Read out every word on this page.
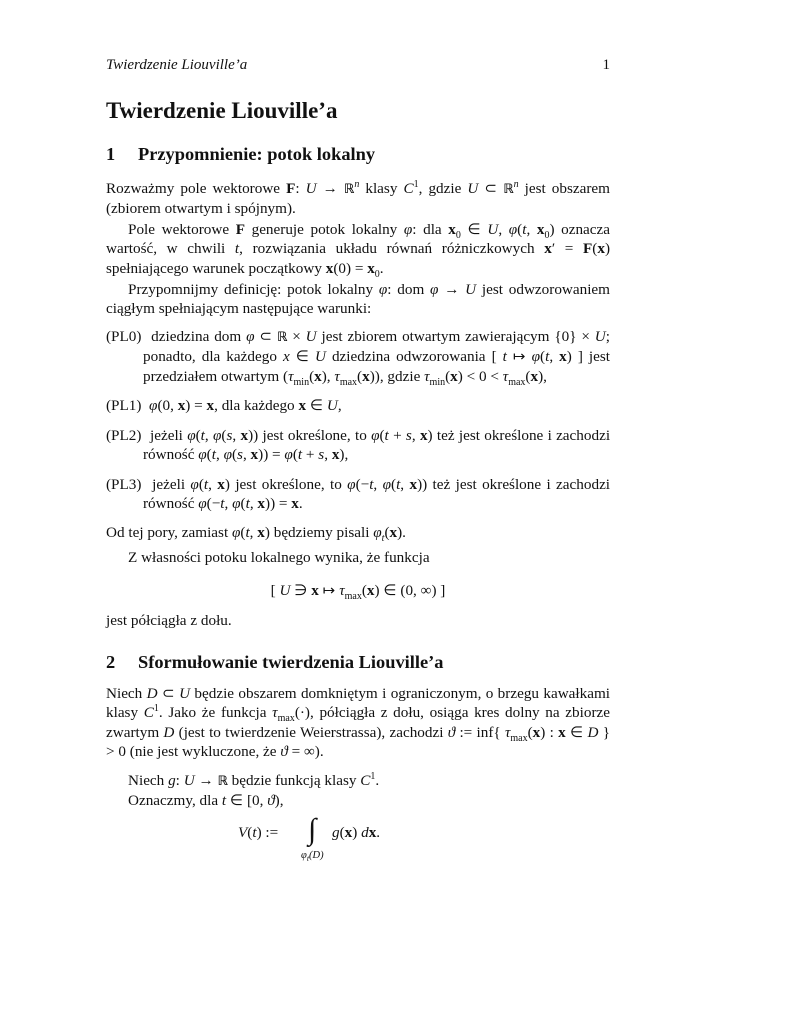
Twierdzenie Liouville’a	1
Twierdzenie Liouville’a
1 Przypomnienie: potok lokalny
Rozważmy pole wektorowe F: U → ℝ$^n$ klasy $C^1$, gdzie U ⊂ ℝ$^n$ jest obszarem (zbiorem otwartym i spójnym).
Pole wektorowe F generuje potok lokalny φ: dla $x_0$ ∈ U, φ(t, $x_0$) oznacza wartość, w chwili t, rozwiązania układu równań różniczkowych x′ = F(x) spełniającego warunek początkowy $x(0) = x_0$.
Przypomnijmy definicję: potok lokalny φ: dom φ → U jest odwzorowaniem ciągłym spełniającym następujące warunki:
(PL0) dziedzina dom φ ⊂ ℝ × U jest zbiorem otwartym zawierającym {0} × U; ponadto, dla każdego x ∈ U dziedzina odwzorowania [ t ↦ φ(t, x) ] jest przedziałem otwartym ($\tau_{min}(x)$, $\tau_{max}(x)$), gdzie $\tau_{min}(x) < 0 < \tau_{max}(x)$,
(PL1) φ(0, x) = x, dla każdego x ∈ U,
(PL2) jeżeli φ(t, φ(s, x)) jest określone, to φ(t + s, x) też jest określone i zachodzi równość φ(t, φ(s, x)) = φ(t + s, x),
(PL3) jeżeli φ(t, x) jest określone, to φ(−t, φ(t, x)) też jest określone i zachodzi równość φ(−t, φ(t, x)) = x.
Od tej pory, zamiast φ(t, x) będziemy pisali $\varphi_t(x)$.
Z własności potoku lokalnego wynika, że funkcja
[ U ∋ x ↦ $\tau_{max}(x)$ ∈ (0, ∞) ]
jest półciągła z dołu.
2 Sformułowanie twierdzenia Liouville’a
Niech D ⊂ U będzie obszarem domkniętym i ograniczonym, o brzegu kawałkami klasy $C^1$. Jako że funkcja $\tau_{max}(\cdot)$, półciągła z dołu, osiąga kres dolny na zbiorze zwartym D (jest to twierdzenie Weierstrassa), zachodzi ϑ := inf{ $\tau_{max}(x)$ : x ∈ D } > 0 (nie jest wykluczone, że ϑ = ∞).
Niech g: U → ℝ będzie funkcją klasy $C^1$.
Oznaczmy, dla t ∈ [0, ϑ),
V(t) := ∫
$\varphi_t(D)$
g(x) dx.
